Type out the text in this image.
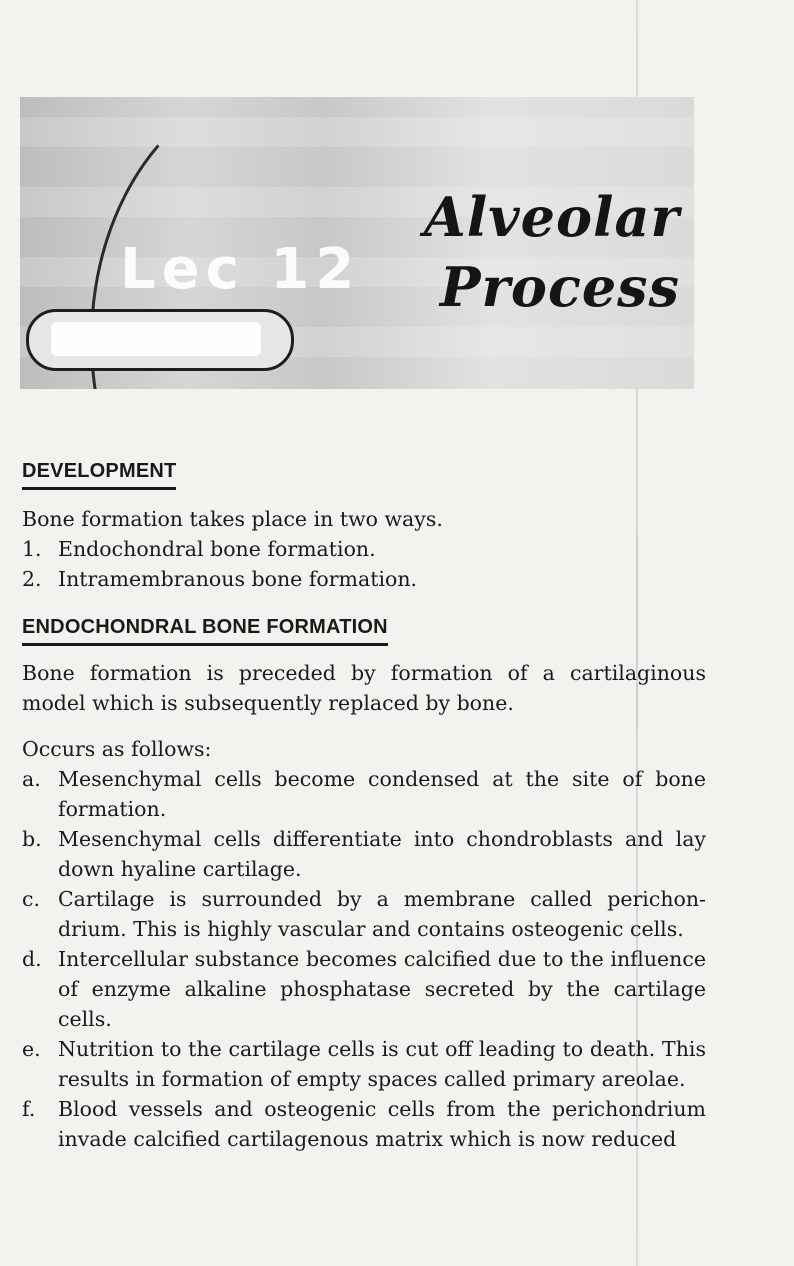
Lec 12
Alveolar
Process
DEVELOPMENT

Bone formation takes place in two ways.

1. Endochondral bone formation.
2. Intramembranous bone formation.
ENDOCHONDRAL BONE FORMATION

Bone formation is preceded by formation of a cartilaginous model which is subsequently replaced by bone.

Occurs as follows:

a. Mesenchymal cells become condensed at the site of bone formation.
b. Mesenchymal cells differentiate into chondroblasts and lay down hyaline cartilage.
c. Cartilage is surrounded by a membrane called perichon-drium. This is highly vascular and contains osteogenic cells.
d. Intercellular substance becomes calcified due to the influence of enzyme alkaline phosphatase secreted by the cartilage cells.
e. Nutrition to the cartilage cells is cut off leading to death. This results in formation of empty spaces called primary areolae.
f. Blood vessels and osteogenic cells from the perichondrium invade calcified cartilagenous matrix which is now reduced
